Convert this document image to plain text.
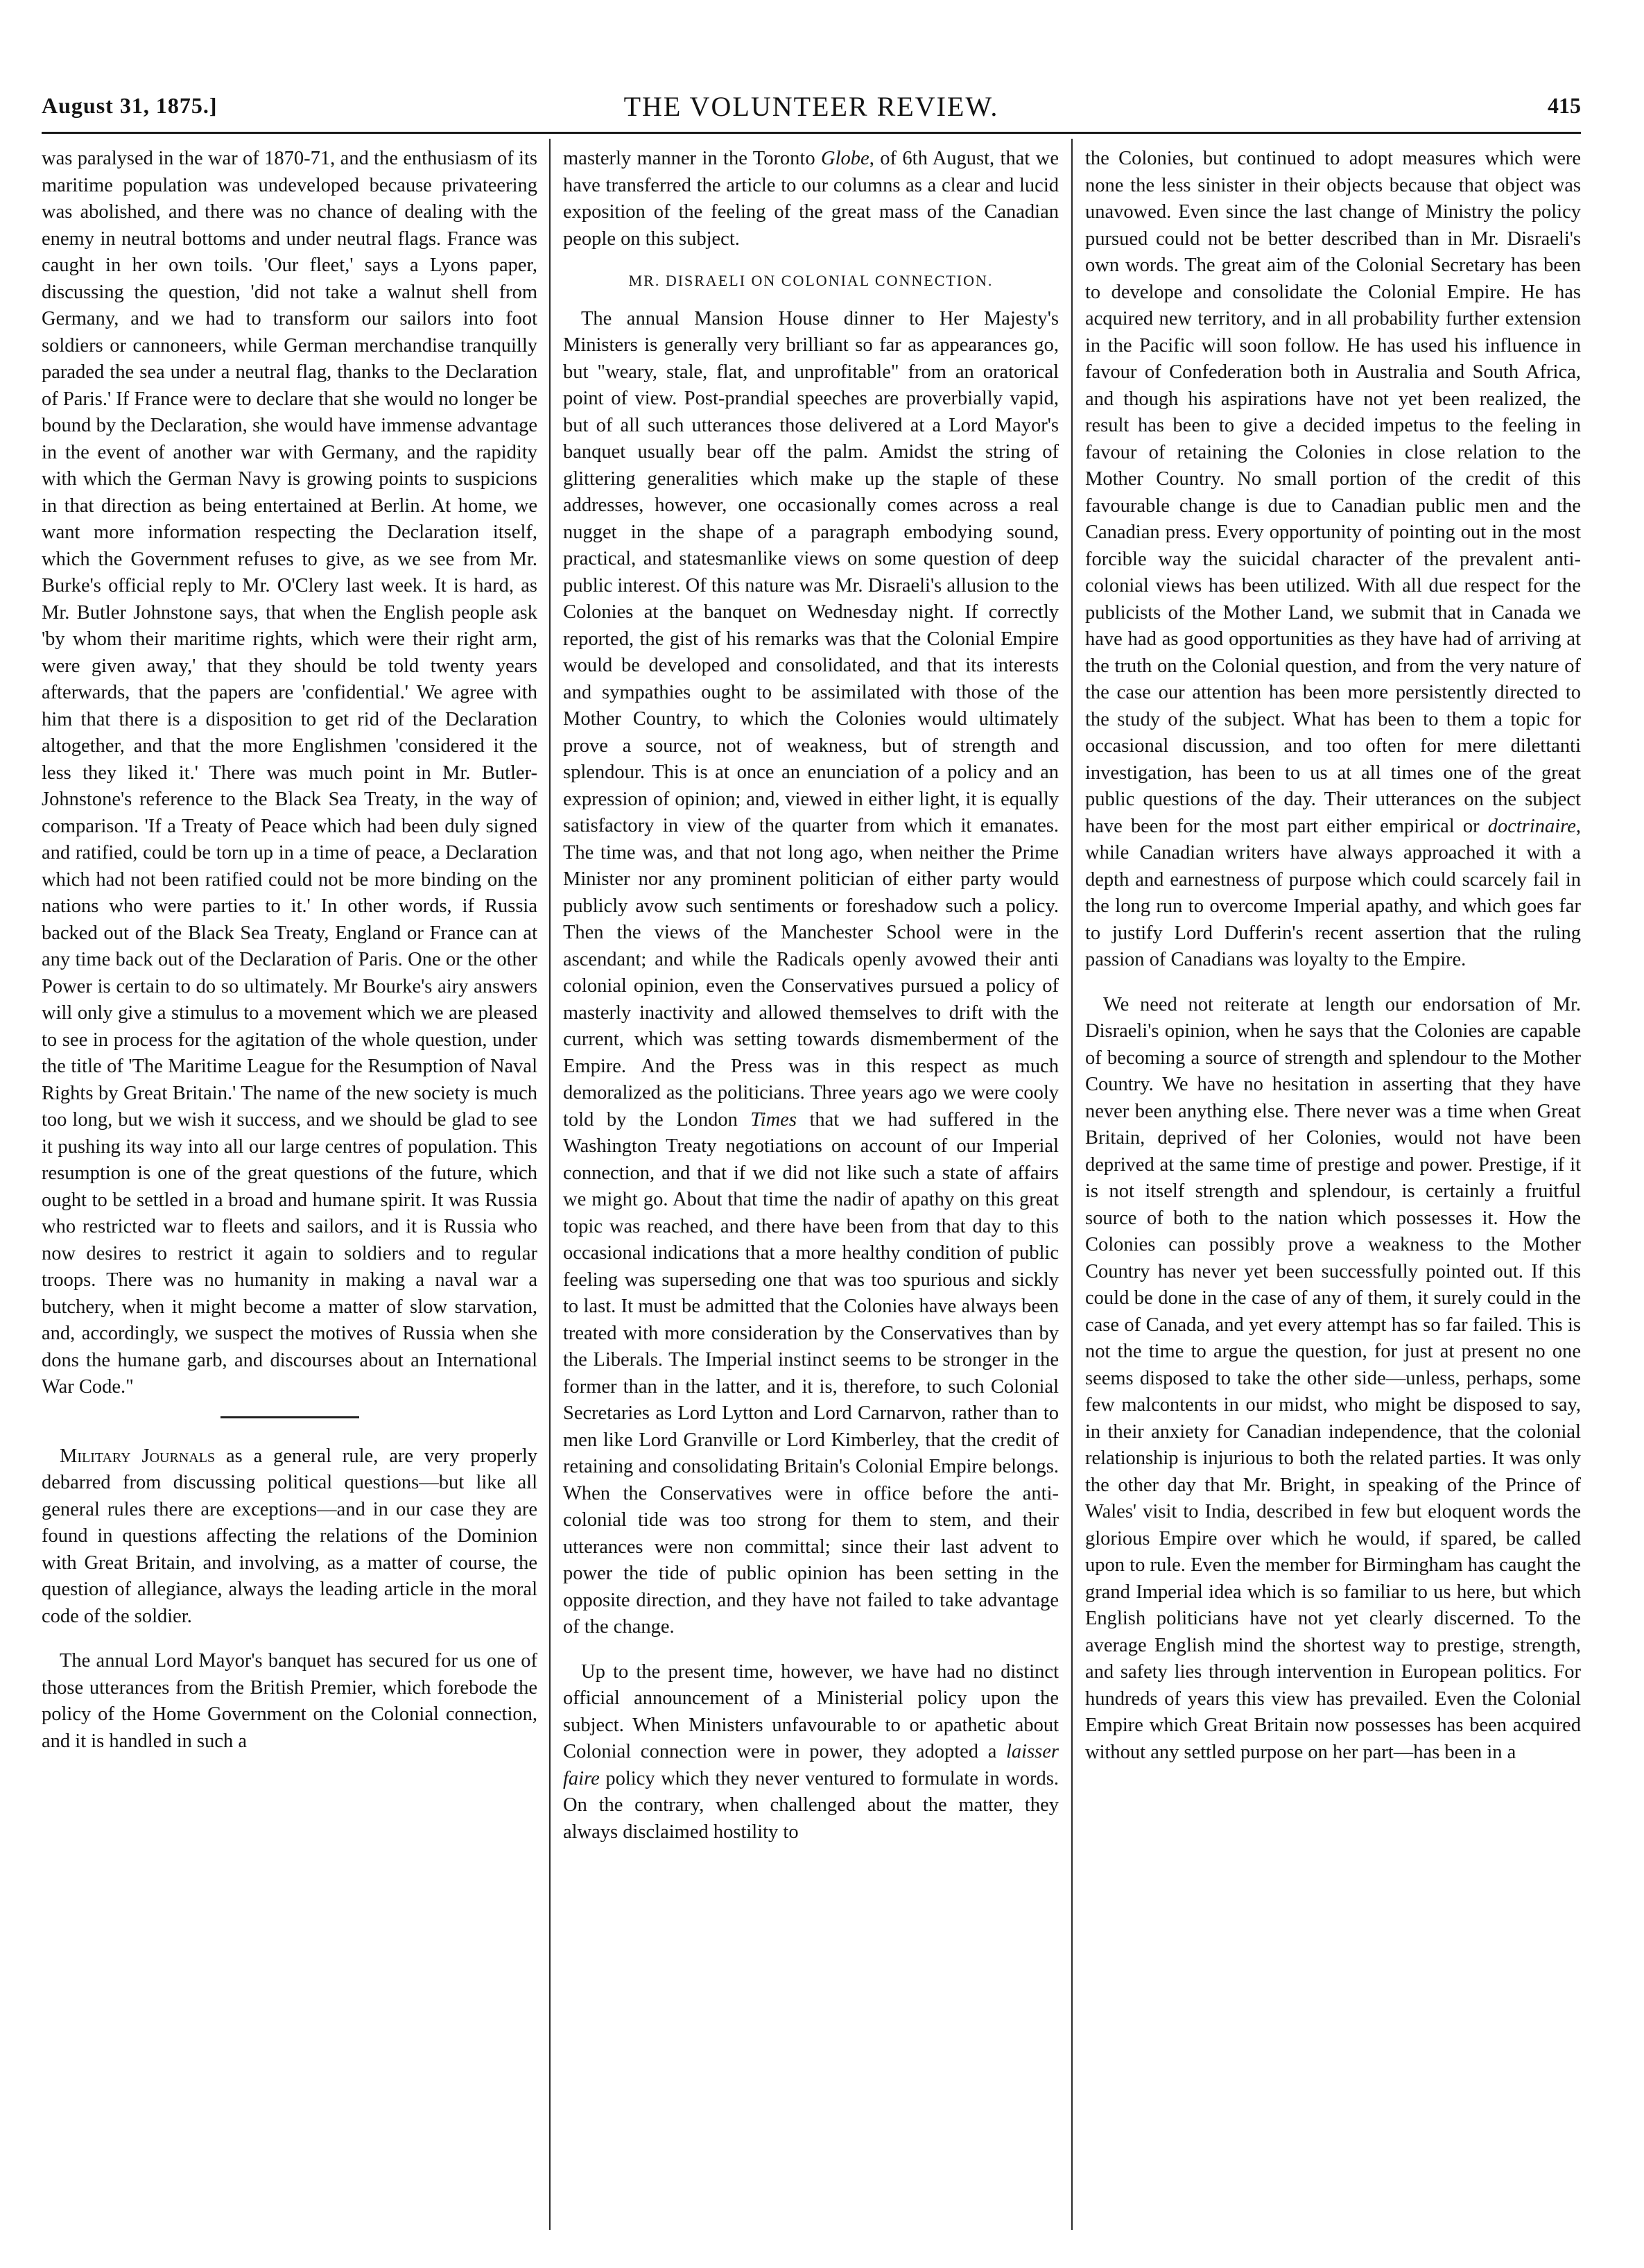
August 31, 1875.]	THE VOLUNTEER REVIEW.	415

was paralysed in the war of 1870-71, and the enthusiasm of its maritime population was undeveloped because privateering was abolished, and there was no chance of dealing with the enemy in neutral bottoms and under neutral flags. France was caught in her own toils. 'Our fleet,' says a Lyons paper, discussing the question, 'did not take a walnut shell from Germany, and we had to transform our sailors into foot soldiers or cannoneers, while German merchandise tranquilly paraded the sea under a neutral flag, thanks to the Declaration of Paris.' If France were to declare that she would no longer be bound by the Declaration, she would have immense advantage in the event of another war with Germany, and the rapidity with which the German Navy is growing points to suspicions in that direction as being entertained at Berlin. At home, we want more information respecting the Declaration itself, which the Government refuses to give, as we see from Mr. Burke's official reply to Mr. O'Clery last week. It is hard, as Mr. Butler Johnstone says, that when the English people ask 'by whom their maritime rights, which were their right arm, were given away,' that they should be told twenty years afterwards, that the papers are 'confidential.' We agree with him that there is a disposition to get rid of the Declaration altogether, and that the more Englishmen 'considered it the less they liked it.' There was much point in Mr. Butler-Johnstone's reference to the Black Sea Treaty, in the way of comparison. 'If a Treaty of Peace which had been duly signed and ratified, could be torn up in a time of peace, a Declaration which had not been ratified could not be more binding on the nations who were parties to it.' In other words, if Russia backed out of the Black Sea Treaty, England or France can at any time back out of the Declaration of Paris. One or the other Power is certain to do so ultimately. Mr Bourke's airy answers will only give a stimulus to a movement which we are pleased to see in process for the agitation of the whole question, under the title of 'The Maritime League for the Resumption of Naval Rights by Great Britain.' The name of the new society is much too long, but we wish it success, and we should be glad to see it pushing its way into all our large centres of population. This resumption is one of the great questions of the future, which ought to be settled in a broad and humane spirit. It was Russia who restricted war to fleets and sailors, and it is Russia who now desires to restrict it again to soldiers and to regular troops. There was no humanity in making a naval war a butchery, when it might become a matter of slow starvation, and, accordingly, we suspect the motives of Russia when she dons the humane garb, and discourses about an International War Code."

Military Journals as a general rule, are very properly debarred from discussing political questions—but like all general rules there are exceptions—and in our case they are found in questions affecting the relations of the Dominion with Great Britain, and involving, as a matter of course, the question of allegiance, always the leading article in the moral code of the soldier.

The annual Lord Mayor's banquet has secured for us one of those utterances from the British Premier, which forebode the policy of the Home Government on the Colonial connection, and it is handled in such a

masterly manner in the Toronto Globe, of 6th August, that we have transferred the article to our columns as a clear and lucid exposition of the feeling of the great mass of the Canadian people on this subject.

MR. DISRAELI ON COLONIAL CONNECTION.

The annual Mansion House dinner to Her Majesty's Ministers is generally very brilliant so far as appearances go, but "weary, stale, flat, and unprofitable" from an oratorical point of view. Post-prandial speeches are proverbially vapid, but of all such utterances those delivered at a Lord Mayor's banquet usually bear off the palm. Amidst the string of glittering generalities which make up the staple of these addresses, however, one occasionally comes across a real nugget in the shape of a paragraph embodying sound, practical, and statesmanlike views on some question of deep public interest. Of this nature was Mr. Disraeli's allusion to the Colonies at the banquet on Wednesday night. If correctly reported, the gist of his remarks was that the Colonial Empire would be developed and consolidated, and that its interests and sympathies ought to be assimilated with those of the Mother Country, to which the Colonies would ultimately prove a source, not of weakness, but of strength and splendour. This is at once an enunciation of a policy and an expression of opinion; and, viewed in either light, it is equally satisfactory in view of the quarter from which it emanates. The time was, and that not long ago, when neither the Prime Minister nor any prominent politician of either party would publicly avow such sentiments or foreshadow such a policy. Then the views of the Manchester School were in the ascendant; and while the Radicals openly avowed their anti colonial opinion, even the Conservatives pursued a policy of masterly inactivity and allowed themselves to drift with the current, which was setting towards dismemberment of the Empire. And the Press was in this respect as much demoralized as the politicians. Three years ago we were cooly told by the London Times that we had suffered in the Washington Treaty negotiations on account of our Imperial connection, and that if we did not like such a state of affairs we might go. About that time the nadir of apathy on this great topic was reached, and there have been from that day to this occasional indications that a more healthy condition of public feeling was superseding one that was too spurious and sickly to last. It must be admitted that the Colonies have always been treated with more consideration by the Conservatives than by the Liberals. The Imperial instinct seems to be stronger in the former than in the latter, and it is, therefore, to such Colonial Secretaries as Lord Lytton and Lord Carnarvon, rather than to men like Lord Granville or Lord Kimberley, that the credit of retaining and consolidating Britain's Colonial Empire belongs. When the Conservatives were in office before the anti-colonial tide was too strong for them to stem, and their utterances were non committal; since their last advent to power the tide of public opinion has been setting in the opposite direction, and they have not failed to take advantage of the change.

Up to the present time, however, we have had no distinct official announcement of a Ministerial policy upon the subject. When Ministers unfavourable to or apathetic about Colonial connection were in power, they adopted a laisser faire policy which they never ventured to formulate in words. On the contrary, when challenged about the matter, they always disclaimed hostility to

the Colonies, but continued to adopt measures which were none the less sinister in their objects because that object was unavowed. Even since the last change of Ministry the policy pursued could not be better described than in Mr. Disraeli's own words. The great aim of the Colonial Secretary has been to develope and consolidate the Colonial Empire. He has acquired new territory, and in all probability further extension in the Pacific will soon follow. He has used his influence in favour of Confederation both in Australia and South Africa, and though his aspirations have not yet been realized, the result has been to give a decided impetus to the feeling in favour of retaining the Colonies in close relation to the Mother Country. No small portion of the credit of this favourable change is due to Canadian public men and the Canadian press. Every opportunity of pointing out in the most forcible way the suicidal character of the prevalent anti-colonial views has been utilized. With all due respect for the publicists of the Mother Land, we submit that in Canada we have had as good opportunities as they have had of arriving at the truth on the Colonial question, and from the very nature of the case our attention has been more persistently directed to the study of the subject. What has been to them a topic for occasional discussion, and too often for mere dilettanti investigation, has been to us at all times one of the great public questions of the day. Their utterances on the subject have been for the most part either empirical or doctrinaire, while Canadian writers have always approached it with a depth and earnestness of purpose which could scarcely fail in the long run to overcome Imperial apathy, and which goes far to justify Lord Dufferin's recent assertion that the ruling passion of Canadians was loyalty to the Empire.

We need not reiterate at length our endorsation of Mr. Disraeli's opinion, when he says that the Colonies are capable of becoming a source of strength and splendour to the Mother Country. We have no hesitation in asserting that they have never been anything else. There never was a time when Great Britain, deprived of her Colonies, would not have been deprived at the same time of prestige and power. Prestige, if it is not itself strength and splendour, is certainly a fruitful source of both to the nation which possesses it. How the Colonies can possibly prove a weakness to the Mother Country has never yet been successfully pointed out. If this could be done in the case of any of them, it surely could in the case of Canada, and yet every attempt has so far failed. This is not the time to argue the question, for just at present no one seems disposed to take the other side—unless, perhaps, some few malcontents in our midst, who might be disposed to say, in their anxiety for Canadian independence, that the colonial relationship is injurious to both the related parties. It was only the other day that Mr. Bright, in speaking of the Prince of Wales' visit to India, described in few but eloquent words the glorious Empire over which he would, if spared, be called upon to rule. Even the member for Birmingham has caught the grand Imperial idea which is so familiar to us here, but which English politicians have not yet clearly discerned. To the average English mind the shortest way to prestige, strength, and safety lies through intervention in European politics. For hundreds of years this view has prevailed. Even the Colonial Empire which Great Britain now possesses has been acquired without any settled purpose on her part—has been in a
